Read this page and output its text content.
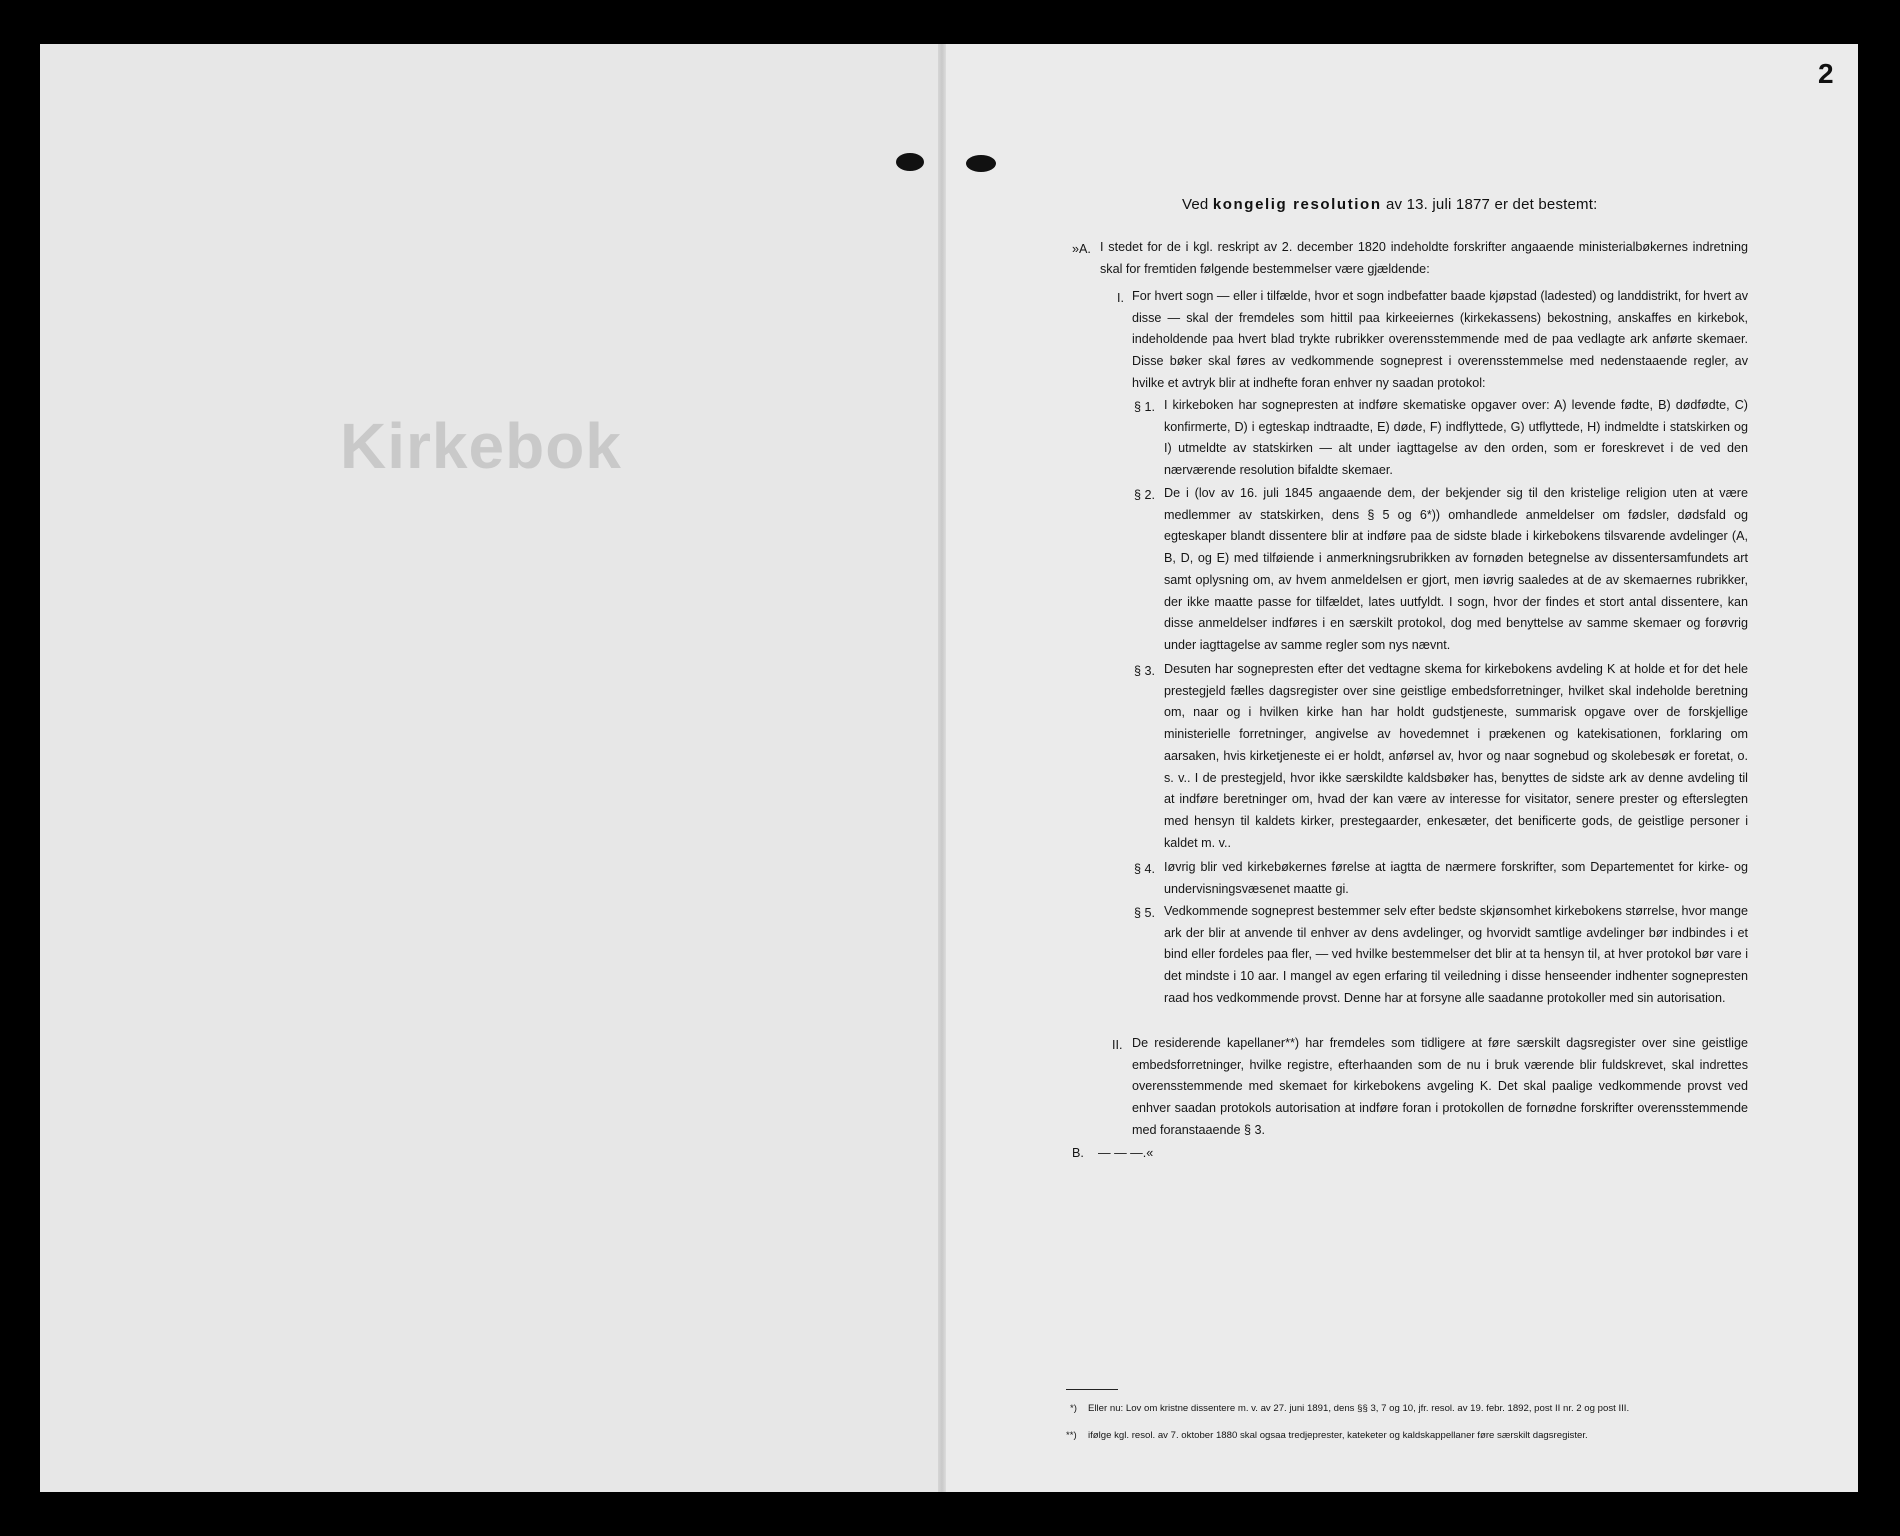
Kirkebok
2
Ved kongelig resolution av 13. juli 1877 er det bestemt:
»A. I stedet for de i kgl. reskript av 2. december 1820 indeholdte forskrifter angaaende ministerialbøkernes indretning skal for fremtiden følgende bestemmelser være gjældende:
I. For hvert sogn — eller i tilfælde, hvor et sogn indbefatter baade kjøpstad (ladested) og landdistrikt, for hvert av disse — skal der fremdeles som hittil paa kirkeeiernes (kirkekassens) bekostning, anskaffes en kirkebok, indeholdende paa hvert blad trykte rubrikker overensstemmende med de paa vedlagte ark anførte skemaer. Disse bøker skal føres av vedkommende sogneprest i overensstemmelse med nedenstaaende regler, av hvilke et avtryk blir at indhefte foran enhver ny saadan protokol:
§ 1. I kirkeboken har sognepresten at indføre skematiske opgaver over: A) levende fødte, B) dødfødte, C) konfirmerte, D) i egteskap indtraadte, E) døde, F) indflyttede, G) utflyttede, H) indmeldte i statskirken og I) utmeldte av statskirken — alt under iagttagelse av den orden, som er foreskrevet i de ved den nærværende resolution bifaldte skemaer.
§ 2. De i (lov av 16. juli 1845 angaaende dem, der bekjender sig til den kristelige religion uten at være medlemmer av statskirken, dens § 5 og 6*)) omhandlede anmeldelser om fødsler, dødsfald og egteskaper blandt dissentere blir at indføre paa de sidste blade i kirkebokens tilsvarende avdelinger (A, B, D, og E) med tilføiende i anmerkningsrubrikken av fornøden betegnelse av dissentersamfundets art samt oplysning om, av hvem anmeldelsen er gjort, men iøvrig saaledes at de av skemaernes rubrikker, der ikke maatte passe for tilfældet, lates uutfyldt. I sogn, hvor der findes et stort antal dissentere, kan disse anmeldelser indføres i en særskilt protokol, dog med benyttelse av samme skemaer og forøvrig under iagttagelse av samme regler som nys nævnt.
§ 3. Desuten har sognepresten efter det vedtagne skema for kirkebokens avdeling K at holde et for det hele prestegjeld fælles dagsregister over sine geistlige embedsforretninger, hvilket skal indeholde beretning om, naar og i hvilken kirke han har holdt gudstjeneste, summarisk opgave over de forskjellige ministerielle forretninger, angivelse av hovedemnet i prækenen og katekisationen, forklaring om aarsaken, hvis kirketjeneste ei er holdt, anførsel av, hvor og naar sognebud og skolebesøk er foretat, o. s. v.. I de prestegjeld, hvor ikke særskildte kaldsbøker has, benyttes de sidste ark av denne avdeling til at indføre beretninger om, hvad der kan være av interesse for visitator, senere prester og efterslegten med hensyn til kaldets kirker, prestegaarder, enkesæter, det benificerte gods, de geistlige personer i kaldet m. v..
§ 4. Iøvrig blir ved kirkebøkernes førelse at iagtta de nærmere forskrifter, som Departementet for kirke- og undervisningsvæsenet maatte gi.
§ 5. Vedkommende sogneprest bestemmer selv efter bedste skjønsomhet kirkebokens størrelse, hvor mange ark der blir at anvende til enhver av dens avdelinger, og hvorvidt samtlige avdelinger bør indbindes i et bind eller fordeles paa fler, — ved hvilke bestemmelser det blir at ta hensyn til, at hver protokol bør vare i det mindste i 10 aar. I mangel av egen erfaring til veiledning i disse henseender indhenter sognepresten raad hos vedkommende provst. Denne har at forsyne alle saadanne protokoller med sin autorisation.
II. De residerende kapellaner**) har fremdeles som tidligere at føre særskilt dagsregister over sine geistlige embedsforretninger, hvilke registre, efterhaanden som de nu i bruk værende blir fuldskrevet, skal indrettes overensstemmende med skemaet for kirkebokens avgeling K. Det skal paalige vedkommende provst ved enhver saadan protokols autorisation at indføre foran i protokollen de fornødne forskrifter overensstemmende med foranstaaende § 3.
B. — — —.«
*) Eller nu: Lov om kristne dissentere m. v. av 27. juni 1891, dens §§ 3, 7 og 10, jfr. resol. av 19. febr. 1892, post II nr. 2 og post III.
**) ifølge kgl. resol. av 7. oktober 1880 skal ogsaa tredjeprester, kateketer og kaldskappellaner føre særskilt dagsregister.
